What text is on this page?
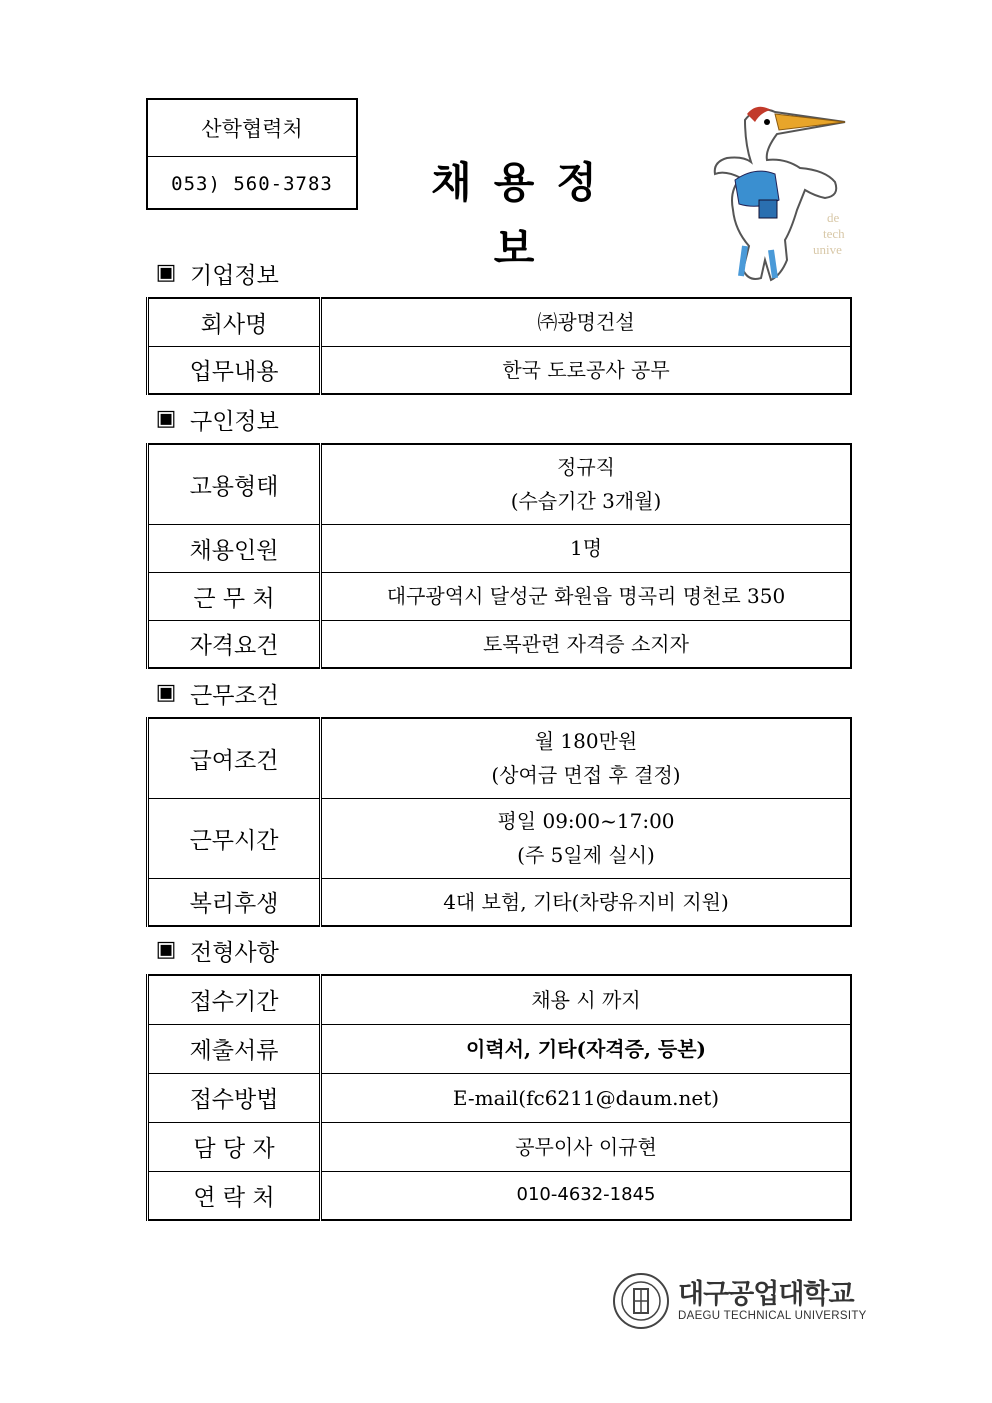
산학협력처
053) 560-3783	채용정보
de
tech
unive
▣ 기업정보
회사명	㈜광명건설
업무내용	한국 도로공사 공무
▣ 구인정보
고용형태	정규직
(수습기간 3개월)

채용인원	1명
근 무 처	대구광역시 달성군 화원읍 명곡리 명천로 350
자격요건	토목관련 자격증 소지자
▣ 근무조건
급여조건	월 180만원
(상여금 면접 후 결정)

근무시간	평일 09:00~17:00
(주 5일제 실시)

복리후생	4대 보험, 기타(차량유지비 지원)
▣ 전형사항
접수기간	채용 시 까지
제출서류	이력서, 기타(자격증, 등본)
접수방법	E-mail(fc6211@daum.net)
담 당 자	공무이사 이규현
연 락 처	010-4632-1845
대구공업대학교
DAEGU TECHNICAL UNIVERSITY
